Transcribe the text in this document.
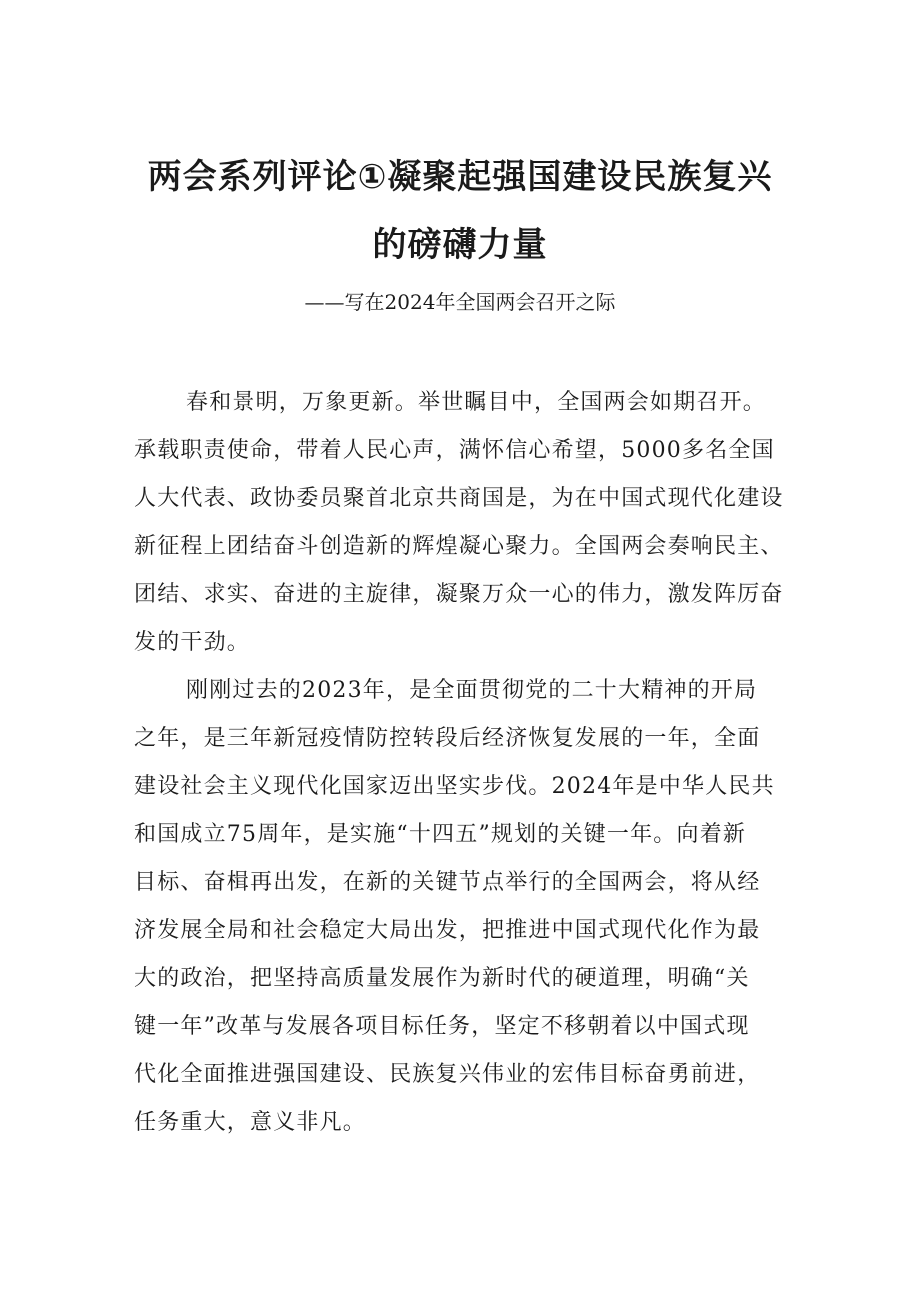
两会系列评论①凝聚起强国建设民族复兴
的磅礴力量
——写在2024年全国两会召开之际
春和景明，万象更新。举世瞩目中，全国两会如期召开。
承载职责使命，带着人民心声，满怀信心希望，5000多名全国
人大代表、政协委员聚首北京共商国是，为在中国式现代化建设
新征程上团结奋斗创造新的辉煌凝心聚力。全国两会奏响民主、
团结、求实、奋进的主旋律，凝聚万众一心的伟力，激发阵厉奋
发的干劲。
刚刚过去的2023年，是全面贯彻党的二十大精神的开局
之年，是三年新冠疫情防控转段后经济恢复发展的一年，全面
建设社会主义现代化国家迈出坚实步伐。2024年是中华人民共
和国成立75周年，是实施“十四五”规划的关键一年。向着新
目标、奋楫再出发，在新的关键节点举行的全国两会，将从经
济发展全局和社会稳定大局出发，把推进中国式现代化作为最
大的政治，把坚持高质量发展作为新时代的硬道理，明确“关
键一年”改革与发展各项目标任务，坚定不移朝着以中国式现
代化全面推进强国建设、民族复兴伟业的宏伟目标奋勇前进，
任务重大，意义非凡。
